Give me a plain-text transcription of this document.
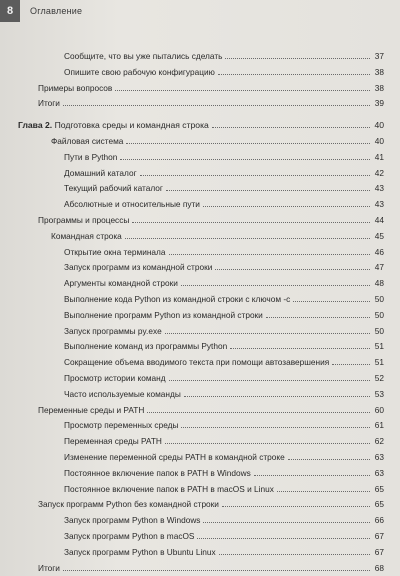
8	Оглавление
Сообщите, что вы уже пытались сделать	37
Опишите свою рабочую конфигурацию	38
Примеры вопросов	38
Итоги	39
Глава 2. Подготовка среды и командная строка	40
Файловая система	40
Пути в Python	41
Домашний каталог	42
Текущий рабочий каталог	43
Абсолютные и относительные пути	43
Программы и процессы	44
Командная строка	45
Открытие окна терминала	46
Запуск программ из командной строки	47
Аргументы командной строки	48
Выполнение кода Python из командной строки с ключом -с	50
Выполнение программ Python из командной строки	50
Запуск программы py.exe	50
Выполнение команд из программы Python	51
Сокращение объема вводимого текста при помощи автозавершения	51
Просмотр истории команд	52
Часто используемые команды	53
Переменные среды и PATH	60
Просмотр переменных среды	61
Переменная среды PATH	62
Изменение переменной среды PATH в командной строке	63
Постоянное включение папок в PATH в Windows	63
Постоянное включение папок в PATH в macOS и Linux	65
Запуск программ Python без командной строки	65
Запуск программ Python в Windows	66
Запуск программ Python в macOS	67
Запуск программ Python в Ubuntu Linux	67
Итоги	68
